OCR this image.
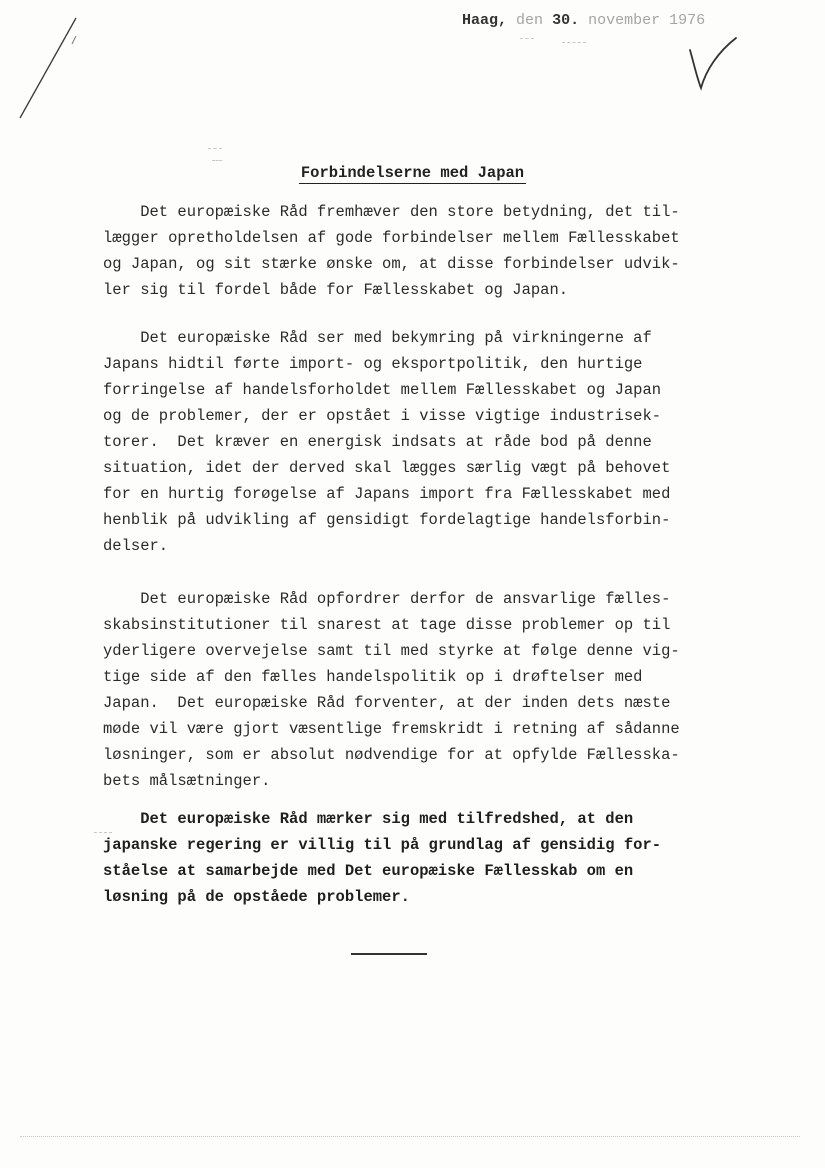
Haag, den 30. november 1976
Forbindelserne med Japan
Det europæiske Råd fremhæver den store betydning, det til-
lægger opretholdelsen af gode forbindelser mellem Fællesskabet
og Japan, og sit stærke ønske om, at disse forbindelser udvik-
ler sig til fordel både for Fællesskabet og Japan.
Det europæiske Råd ser med bekymring på virkningerne af
Japans hidtil førte import- og eksportpolitik, den hurtige
forringelse af handelsforholdet mellem Fællesskabet og Japan
og de problemer, der er opstået i visse vigtige industrisek-
torer.  Det kræver en energisk indsats at råde bod på denne
situation, idet der derved skal lægges særlig vægt på behovet
for en hurtig forøgelse af Japans import fra Fællesskabet med
henblik på udvikling af gensidigt fordelagtige handelsforbin-
delser.
Det europæiske Råd opfordrer derfor de ansvarlige fælles-
skabsinstitutioner til snarest at tage disse problemer op til
yderligere overvejelse samt til med styrke at følge denne vig-
tige side af den fælles handelspolitik op i drøftelser med
Japan.  Det europæiske Råd forventer, at der inden dets næste
møde vil være gjort væsentlige fremskridt i retning af sådanne
løsninger, som er absolut nødvendige for at opfylde Fællesska-
bets målsætninger.
Det europæiske Råd mærker sig med tilfredshed, at den
japanske regering er villig til på grundlag af gensidig for-
ståelse at samarbejde med Det europæiske Fællesskab om en
løsning på de opståede problemer.
